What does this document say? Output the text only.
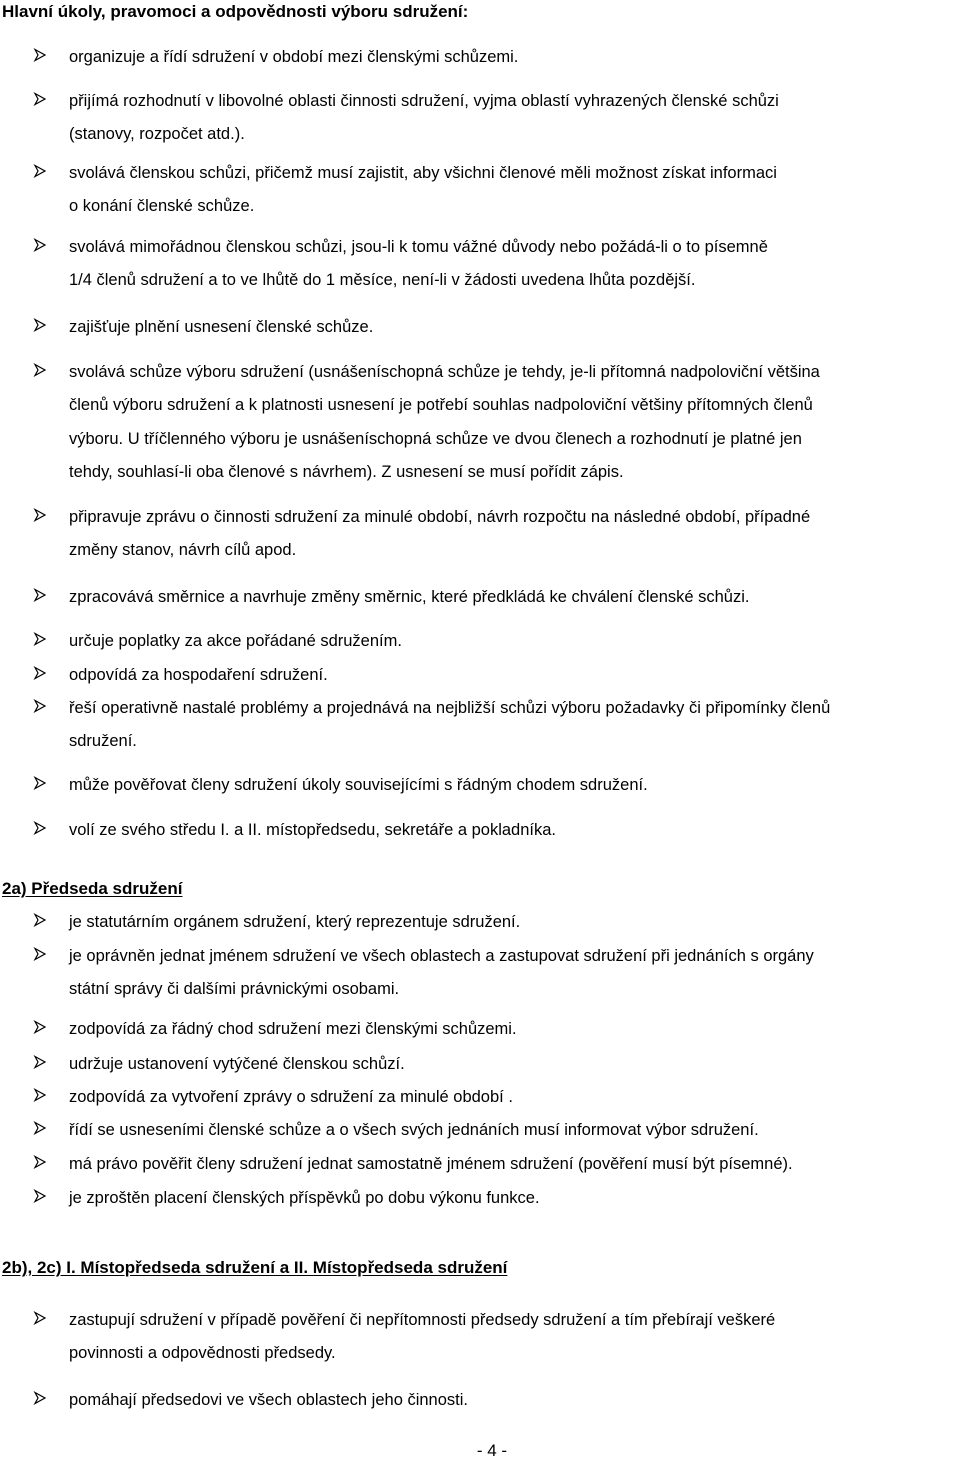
Hlavní úkoly, pravomoci a odpovědnosti výboru sdružení:
organizuje a řídí sdružení v období mezi členskými schůzemi.
přijímá rozhodnutí v libovolné oblasti činnosti sdružení, vyjma oblastí vyhrazených členské schůzi
(stanovy, rozpočet atd.).
svolává členskou schůzi, přičemž musí zajistit, aby všichni členové měli možnost získat informaci
o konání členské schůze.
svolává mimořádnou členskou schůzi, jsou-li k tomu vážné důvody nebo požádá-li o to písemně
1/4 členů sdružení a to ve lhůtě do 1 měsíce, není-li v žádosti uvedena lhůta pozdější.
zajišťuje plnění usnesení členské schůze.
svolává schůze výboru sdružení (usnášeníschopná schůze je tehdy, je-li přítomná nadpoloviční většina
členů výboru sdružení a k platnosti usnesení je potřebí souhlas nadpoloviční většiny přítomných členů
výboru. U tříčlenného výboru je usnášeníschopná schůze ve dvou členech a rozhodnutí je platné jen
tehdy, souhlasí-li oba členové s návrhem). Z usnesení se musí pořídit zápis.
připravuje zprávu o činnosti sdružení za minulé období, návrh rozpočtu na následné období, případné
změny stanov, návrh cílů apod.
zpracovává směrnice a navrhuje změny směrnic, které předkládá ke chválení členské schůzi.
určuje poplatky za akce pořádané sdružením.
odpovídá za hospodaření sdružení.
řeší operativně nastalé problémy a projednává na nejbližší schůzi výboru požadavky či připomínky členů
sdružení.
může pověřovat členy sdružení úkoly souvisejícími s řádným chodem sdružení.
volí ze svého středu I. a II. místopředsedu, sekretáře a pokladníka.
2a) Předseda sdružení
je statutárním orgánem sdružení, který reprezentuje sdružení.
je oprávněn jednat jménem sdružení ve všech oblastech a zastupovat sdružení při jednáních s orgány
státní správy či dalšími právnickými osobami.
zodpovídá za řádný chod sdružení mezi členskými schůzemi.
udržuje ustanovení vytýčené členskou schůzí.
zodpovídá za vytvoření zprávy o sdružení za minulé období .
řídí se usneseními členské schůze a o všech svých jednáních musí informovat výbor sdružení.
má právo pověřit členy sdružení jednat samostatně jménem sdružení (pověření musí být písemné).
je zproštěn placení členských příspěvků po dobu výkonu funkce.
2b), 2c) I. Místopředseda sdružení a II. Místopředseda sdružení
zastupují sdružení v případě pověření či nepřítomnosti předsedy sdružení a tím přebírají veškeré
povinnosti a odpovědnosti předsedy.
pomáhají předsedovi ve všech oblastech jeho činnosti.
- 4 -
